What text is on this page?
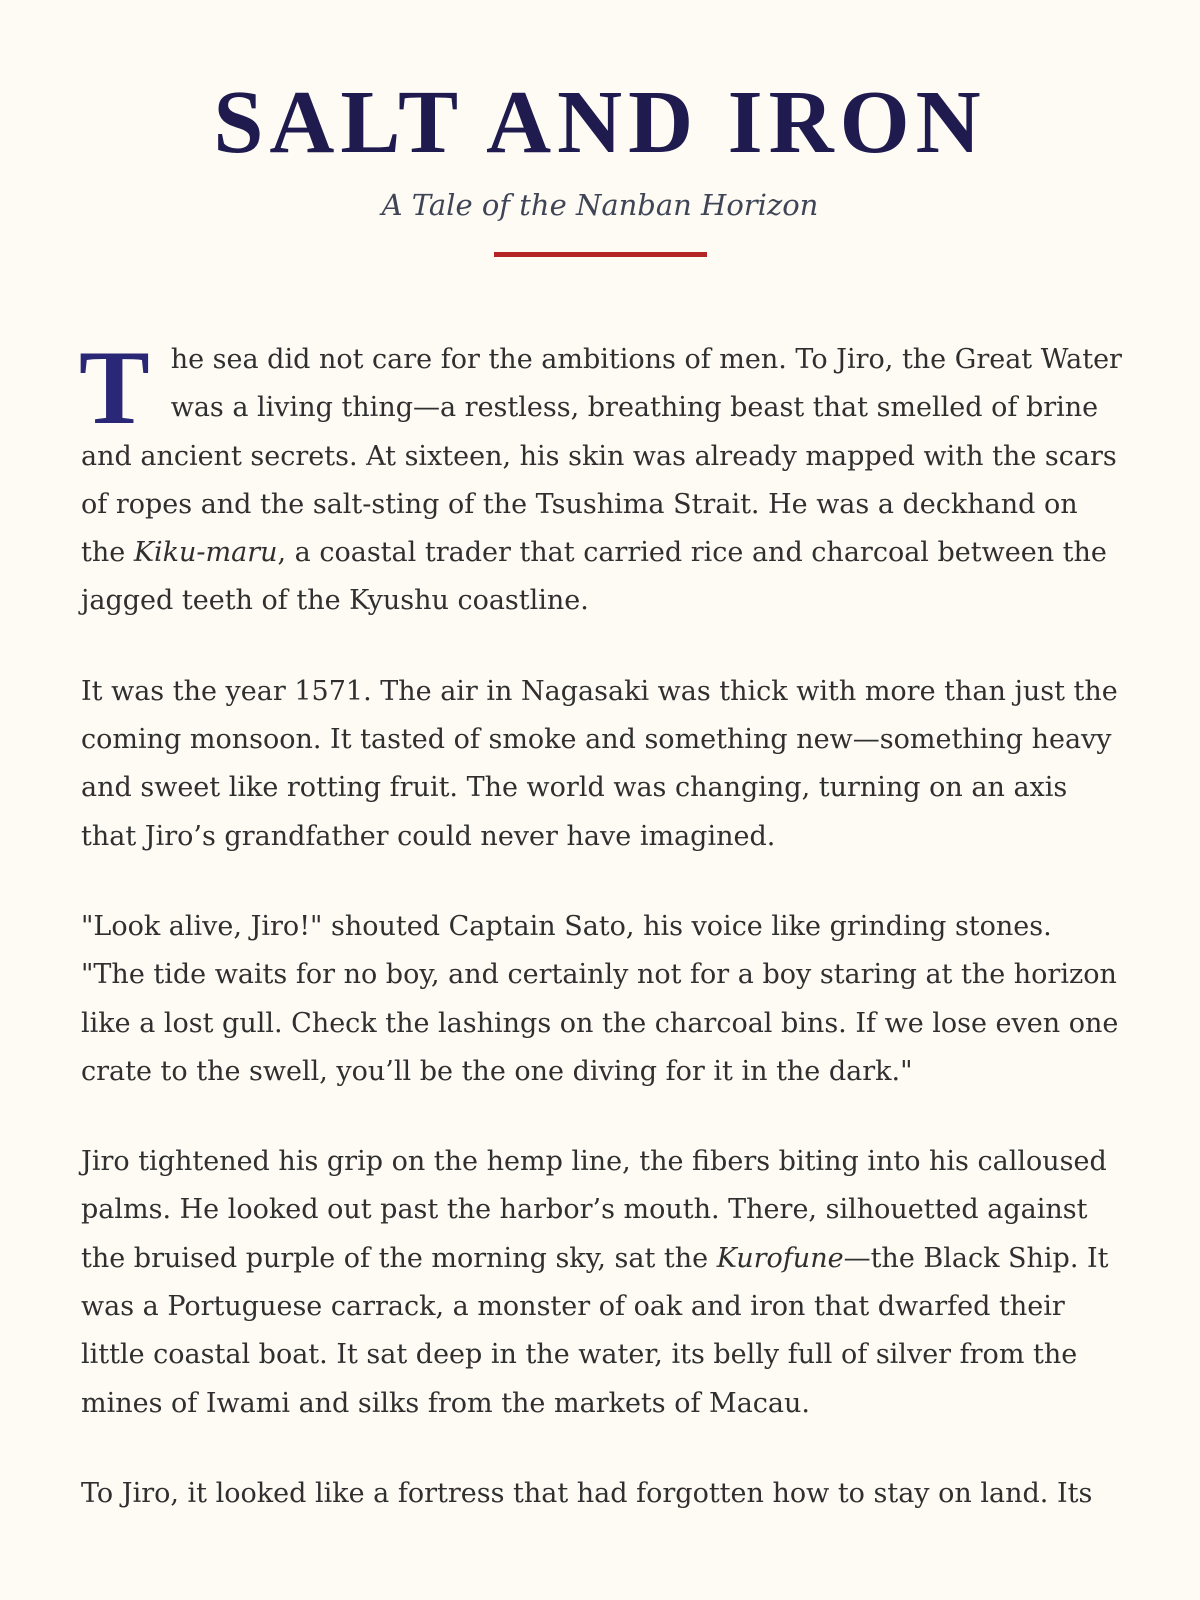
SALT AND IRON

A Tale of the Nanban Horizon

The sea did not care for the ambitions of men. To Jiro, the Great Water was a living thing—a restless, breathing beast that smelled of brine and ancient secrets. At sixteen, his skin was already mapped with the scars of ropes and the salt-sting of the Tsushima Strait. He was a deckhand on the Kiku-maru, a coastal trader that carried rice and charcoal between the jagged teeth of the Kyushu coastline.

It was the year 1571. The air in Nagasaki was thick with more than just the coming monsoon. It tasted of smoke and something new—something heavy and sweet like rotting fruit. The world was changing, turning on an axis that Jiro’s grandfather could never have imagined.

"Look alive, Jiro!" shouted Captain Sato, his voice like grinding stones. "The tide waits for no boy, and certainly not for a boy staring at the horizon like a lost gull. Check the lashings on the charcoal bins. If we lose even one crate to the swell, you’ll be the one diving for it in the dark."

Jiro tightened his grip on the hemp line, the fibers biting into his calloused palms. He looked out past the harbor’s mouth. There, silhouetted against the bruised purple of the morning sky, sat the Kurofune—the Black Ship. It was a Portuguese carrack, a monster of oak and iron that dwarfed their little coastal boat. It sat deep in the water, its belly full of silver from the mines of Iwami and silks from the markets of Macau.

To Jiro, it looked like a fortress that had forgotten how to stay on land. Its
